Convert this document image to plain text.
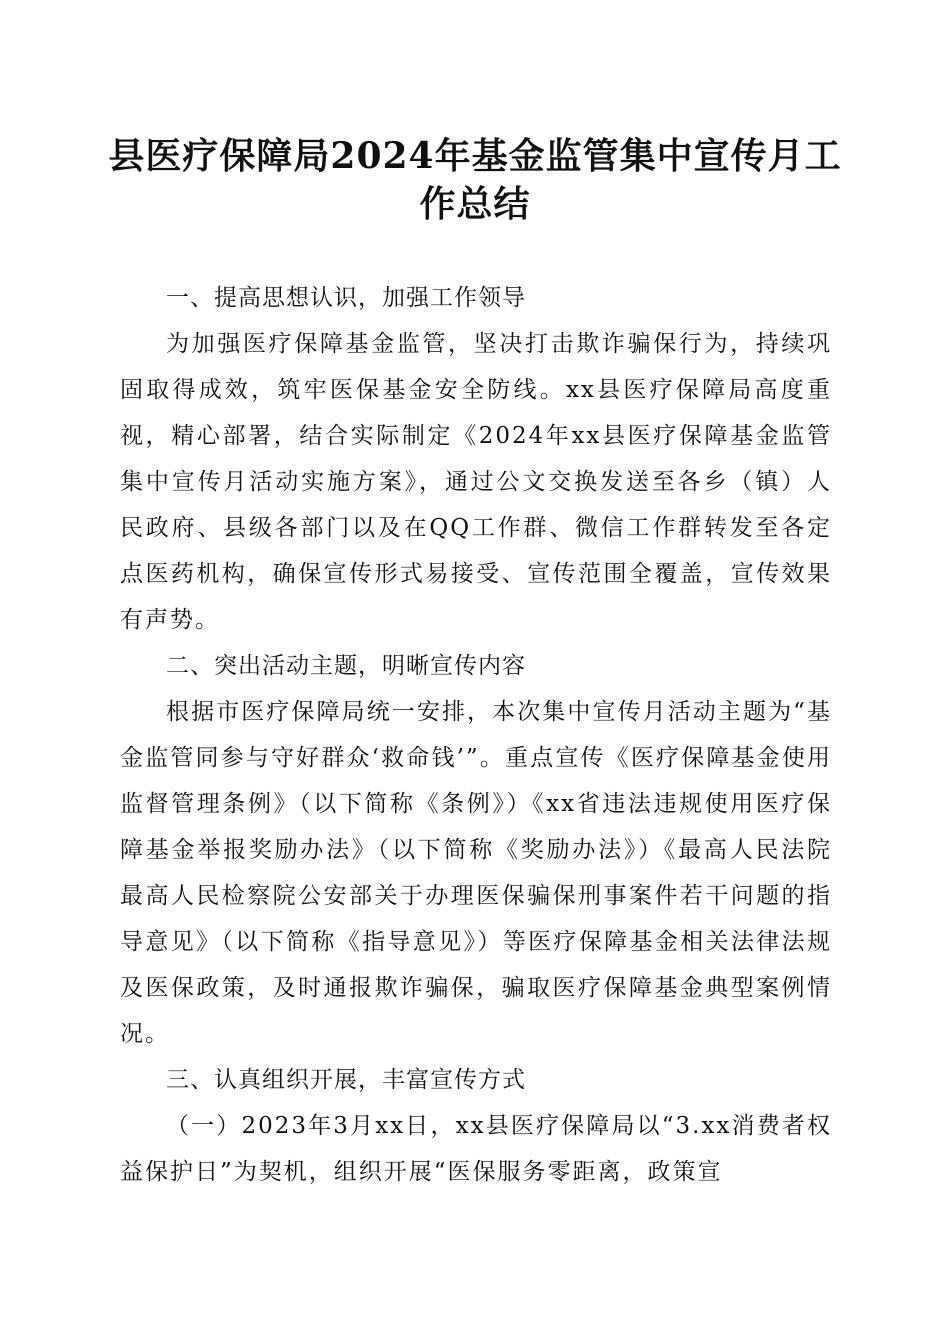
县医疗保障局2024年基金监管集中宣传月工作总结
一、提高思想认识，加强工作领导

为加强医疗保障基金监管，坚决打击欺诈骗保行为，持续巩固取得成效，筑牢医保基金安全防线。xx县医疗保障局高度重视，精心部署，结合实际制定《2024年xx县医疗保障基金监管集中宣传月活动实施方案》，通过公文交换发送至各乡（镇）人民政府、县级各部门以及在QQ工作群、微信工作群转发至各定点医药机构，确保宣传形式易接受、宣传范围全覆盖，宣传效果有声势。

二、突出活动主题，明晰宣传内容

根据市医疗保障局统一安排，本次集中宣传月活动主题为“基金监管同参与守好群众‘救命钱’”。重点宣传《医疗保障基金使用监督管理条例》（以下简称《条例》）《xx省违法违规使用医疗保障基金举报奖励办法》（以下简称《奖励办法》）《最高人民法院最高人民检察院公安部关于办理医保骗保刑事案件若干问题的指导意见》（以下简称《指导意见》）等医疗保障基金相关法律法规及医保政策，及时通报欺诈骗保，骗取医疗保障基金典型案例情况。

三、认真组织开展，丰富宣传方式

（一）2023年3月xx日，xx县医疗保障局以“3.xx消费者权益保护日”为契机，组织开展“医保服务零距离，政策宣
